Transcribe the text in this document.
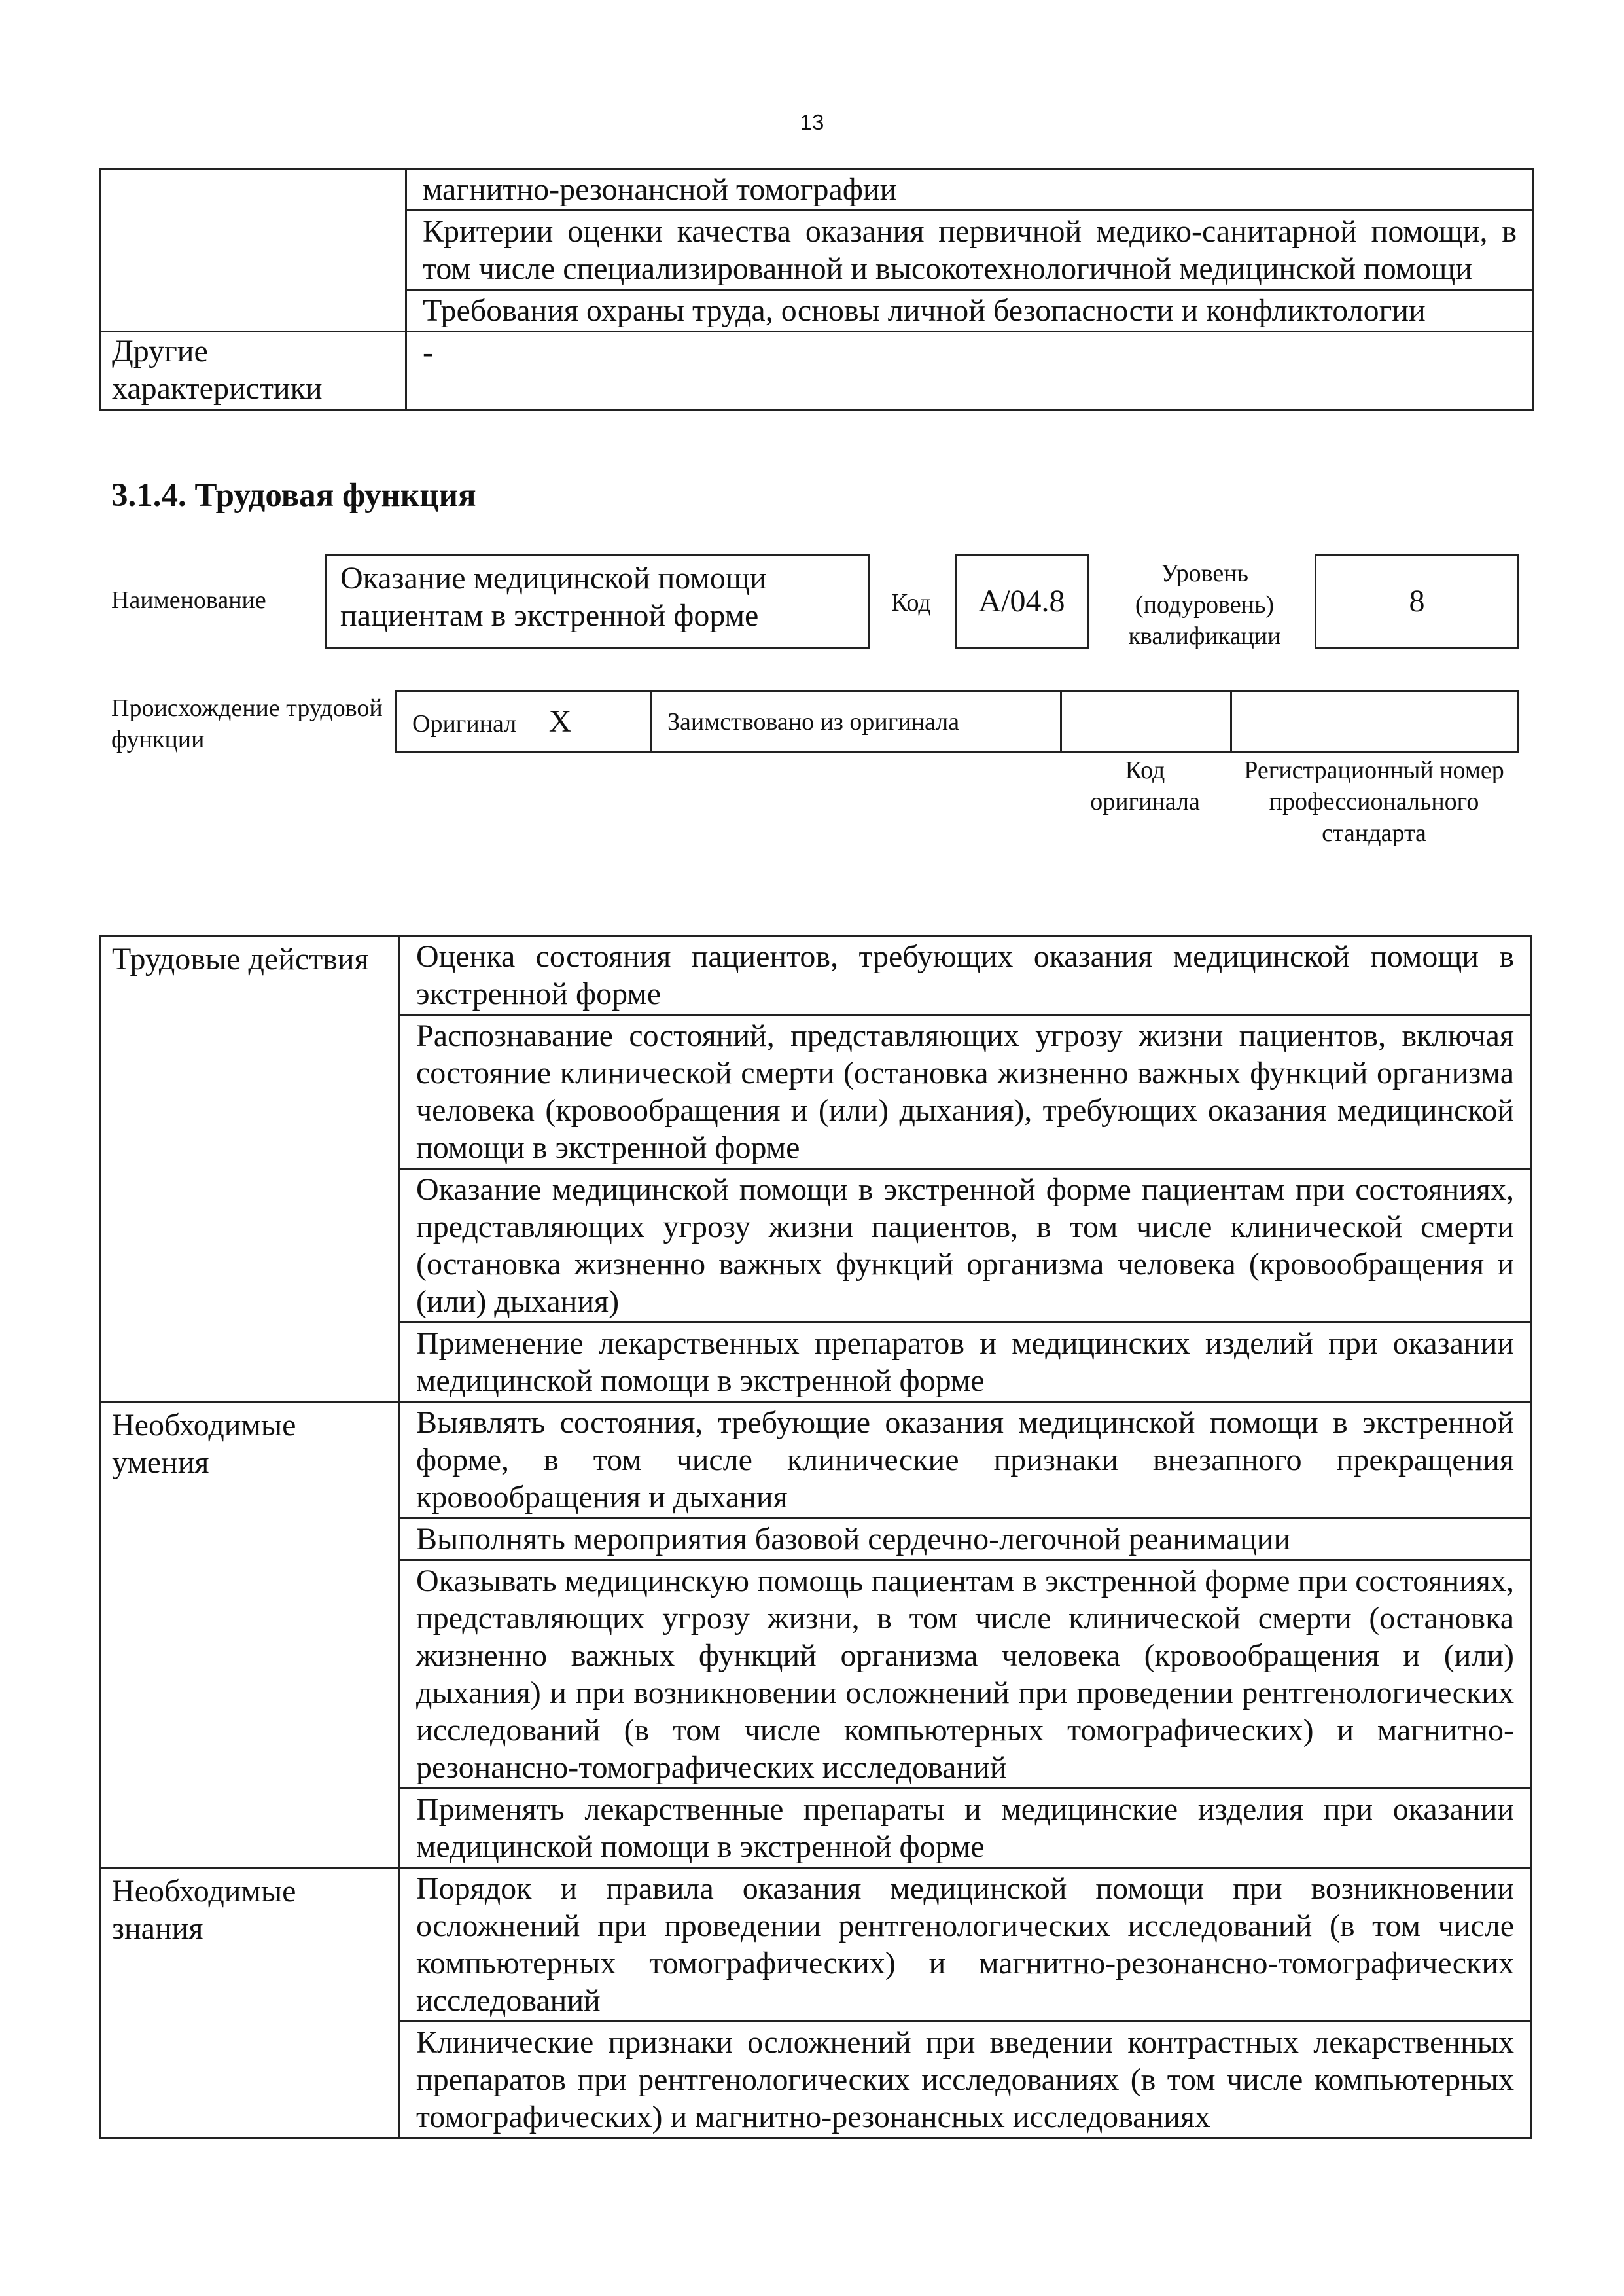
13
	магнитно-резонансной томографии
	Критерии оценки качества оказания первичной медико-санитарной помощи, в том числе специализированной и высокотехнологичной медицинской помощи
	Требования охраны труда, основы личной безопасности и конфликтологии
Другие характеристики	-
3.1.4. Трудовая функция
Наименование
Оказание медицинской помощи пациентам в экстренной форме	Код	A/04.8
Уровень (подуровень) квалификации
8
Происхождение трудовой функции
Оригинал X	Заимствовано из оригинала
Код оригинала
Регистрационный номер профессионального стандарта
Трудовые действия	Оценка состояния пациентов, требующих оказания медицинской помощи в экстренной форме
	Распознавание состояний, представляющих угрозу жизни пациентов, включая состояние клинической смерти (остановка жизненно важных функций организма человека (кровообращения и (или) дыхания), требующих оказания медицинской помощи в экстренной форме
	Оказание медицинской помощи в экстренной форме пациентам при состояниях, представляющих угрозу жизни пациентов, в том числе клинической смерти (остановка жизненно важных функций организма человека (кровообращения и (или) дыхания)
	Применение лекарственных препаратов и медицинских изделий при оказании медицинской помощи в экстренной форме
Необходимые умения	Выявлять состояния, требующие оказания медицинской помощи в экстренной форме, в том числе клинические признаки внезапного прекращения кровообращения и дыхания
	Выполнять мероприятия базовой сердечно-легочной реанимации
	Оказывать медицинскую помощь пациентам в экстренной форме при состояниях, представляющих угрозу жизни, в том числе клинической смерти (остановка жизненно важных функций организма человека (кровообращения и (или) дыхания) и при возникновении осложнений при проведении рентгенологических исследований (в том числе компьютерных томографических) и магнитно-резонансно-томографических исследований
	Применять лекарственные препараты и медицинские изделия при оказании медицинской помощи в экстренной форме
Необходимые знания	Порядок и правила оказания медицинской помощи при возникновении осложнений при проведении рентгенологических исследований (в том числе компьютерных томографических) и магнитно-резонансно-томографических исследований
	Клинические признаки осложнений при введении контрастных лекарственных препаратов при рентгенологических исследованиях (в том числе компьютерных томографических) и магнитно-резонансных исследованиях
